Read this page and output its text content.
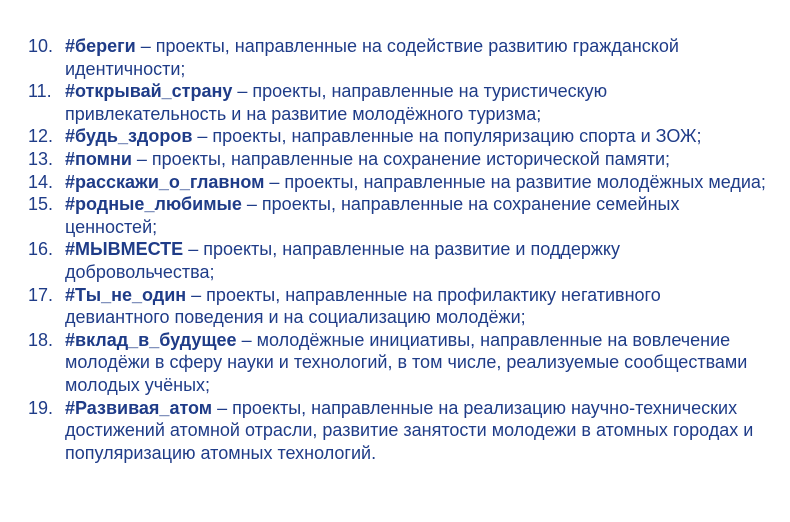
10. #береги – проекты, направленные на содействие развитию гражданской идентичности;
11. #открывай_страну – проекты, направленные на туристическую привлекательность и на развитие молодёжного туризма;
12. #будь_здоров – проекты, направленные на популяризацию спорта и ЗОЖ;
13. #помни – проекты, направленные на сохранение исторической памяти;
14. #расскажи_о_главном – проекты, направленные на развитие молодёжных медиа;
15. #родные_любимые – проекты, направленные на сохранение семейных ценностей;
16. #МЫВМЕСТЕ – проекты, направленные на развитие и поддержку добровольчества;
17. #Ты_не_один – проекты, направленные на профилактику негативного девиантного поведения и на социализацию молодёжи;
18. #вклад_в_будущее – молодёжные инициативы, направленные на вовлечение молодёжи в сферу науки и технологий, в том числе, реализуемые сообществами молодых учёных;
19. #Развивая_атом – проекты, направленные на реализацию научно-технических достижений атомной отрасли, развитие занятости молодежи в атомных городах и популяризацию атомных технологий.
